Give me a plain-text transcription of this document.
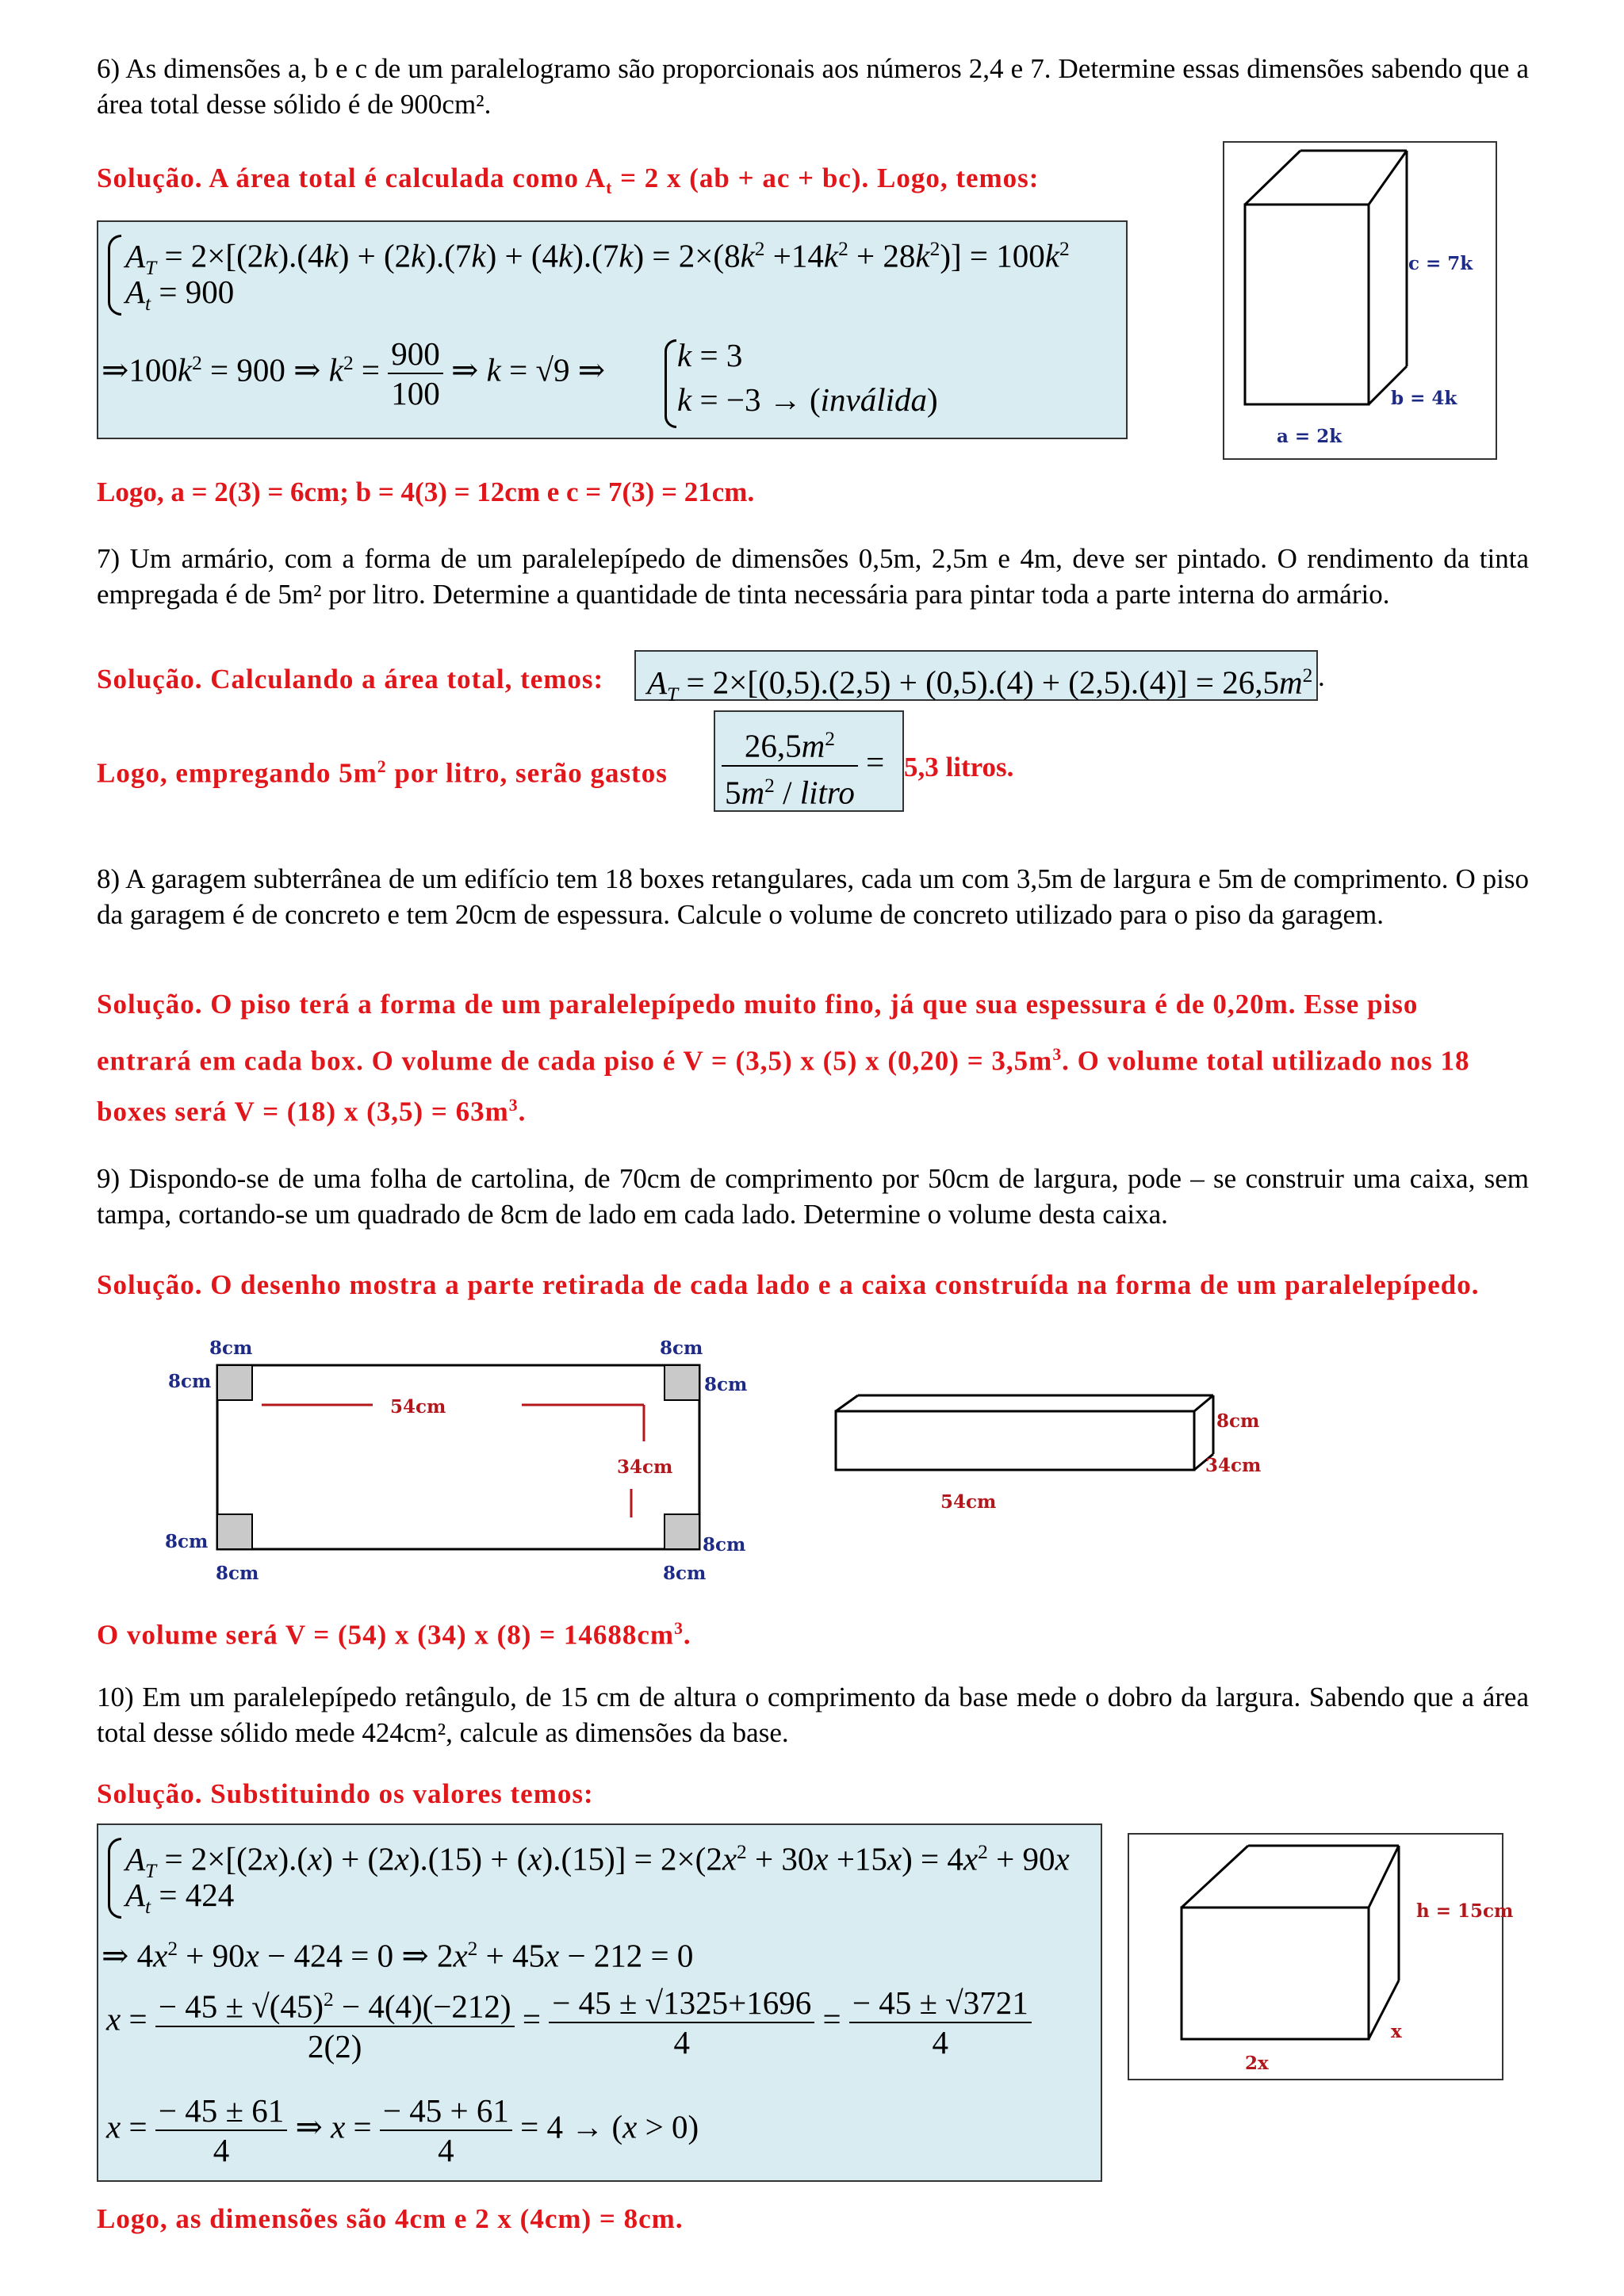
6) As dimensões a, b e c de um paralelogramo são proporcionais aos números 2,4 e 7. Determine essas dimensões sabendo que a área total desse sólido é de 900cm².

Solução. A área total é calculada como $A_t = 2$ x (ab + ac + bc). Logo, temos:

$A_T = 2\times[(2k).(4k) + (2k).(7k) + (4k).(7k) = 2\times(8k^2 +14k^2 + 28k^2)] = 100k^2$
$A_t = 900$
$\Rightarrow 100k^2 = 900$ ⇒ $k^2 = \frac{900}{100}$ ⇒ k = √9 ⇒ k = 3
k = −3 → (inválida)
c = 7k
b = 4k
a = 2k

Logo, a = 2(3) = 6cm; b = 4(3) = 12cm e c = 7(3) = 21cm.

7) Um armário, com a forma de um paralelepípedo de dimensões 0,5m, 2,5m e 4m, deve ser pintado. O rendimento da tinta empregada é de 5m² por litro. Determine a quantidade de tinta necessária para pintar toda a parte interna do armário.

Solução. Calculando a área total, temos:	$A_T = 2\times[(0,5).(2,5) + (0,5).(4) + (2,5).(4)] = 26,5m^2$ .

Logo, empregando $5m^2$ por litro, serão gastos	$\frac{26,5m^2}{5m^2 / litro} = 5,3$ litros.

8) A garagem subterrânea de um edifício tem 18 boxes retangulares, cada um com 3,5m de largura e 5m de comprimento. O piso da garagem é de concreto e tem 20cm de espessura. Calcule o volume de concreto utilizado para o piso da garagem.

Solução. O piso terá a forma de um paralelepípedo muito fino, já que sua espessura é de 0,20m. Esse piso

entrará em cada box. O volume de cada piso é V = (3,5) x (5) x $(0,20) = 3,5m^3$. O volume total utilizado nos 18

boxes será V = (18) x $(3,5) = 63m^3$.

9) Dispondo-se de uma folha de cartolina, de 70cm de comprimento por 50cm de largura, pode – se construir uma caixa, sem tampa, cortando-se um quadrado de 8cm de lado em cada lado. Determine o volume desta caixa.

Solução. O desenho mostra a parte retirada de cada lado e a caixa construída na forma de um paralelepípedo.

8cm
8cm
8cm
8cm
8cm
8cm
8cm
8cm
54cm
34cm
8cm
34cm
54cm

O volume será V = (54) x (34) x $(8) = 14688cm^3$.

10) Em um paralelepípedo retângulo, de 15 cm de altura o comprimento da base mede o dobro da largura. Sabendo que a área total desse sólido mede 424cm², calcule as dimensões da base.

Solução. Substituindo os valores temos:

$A_T = 2\times[(2x).(x) + (2x).(15) + (x).(15)] = 2\times(2x^2 + 30x +15x) = 4x^2 + 90x$
$A_t = 424$
⇒ $4x^2 + 90x - 424 = 0$ ⇒ $2x^2 + 45x - 212 = 0$
$x = \frac{- 45 \pm √(45)^2 - 4(4)(-212)}{2(2)} = \frac{- 45 \pm √1325+1696}{4} = \frac{- 45 \pm √3721}{4}$
$x = \frac{- 45 \pm 61}{4}$ ⇒ $x = \frac{- 45 + 61}{4} = 4 \to (x > 0)$
h = 15cm
x
2x

Logo, as dimensões são 4cm e 2 x (4cm) = 8cm.
